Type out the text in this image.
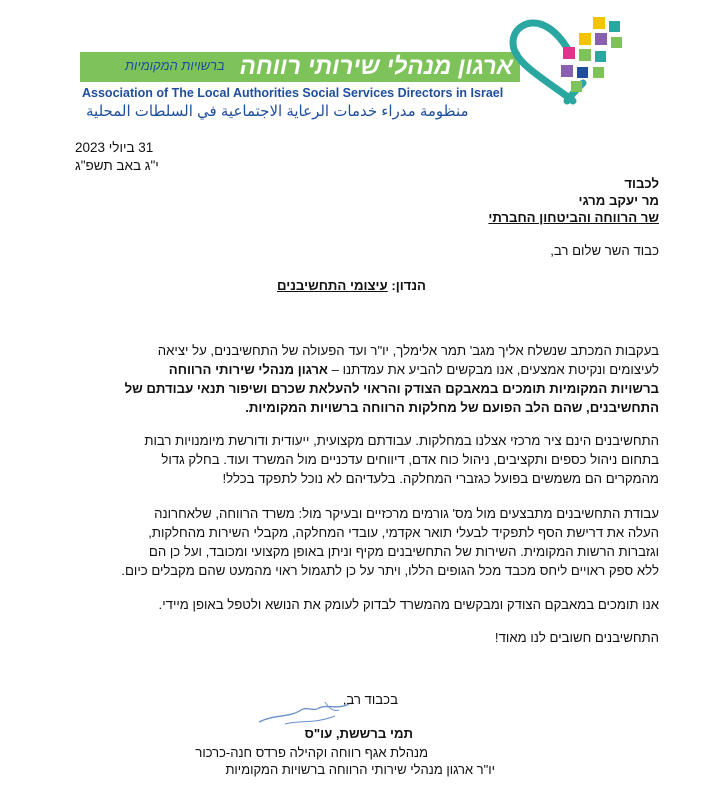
ארגון מנהלי שירותי רווחה
ברשויות המקומיות
Association of The Local Authorities Social Services Directors in Israel
منظومة مدراء خدمات الرعاية الاجتماعية في السلطات المحلية
31 ביולי 2023
י"ג באב תשפ"ג
לכבוד
מר יעקב מרגי
שר הרווחה והביטחון החברתי
כבוד השר שלום רב,
הנדון: עיצומי התחשיבנים
בעקבות המכתב שנשלח אליך מגב' תמר אלימלך, יו"ר ועד הפעולה של התחשיבנים, על יציאה
לעיצומים ונקיטת אמצעים, אנו מבקשים להביע את עמדתנו – ארגון מנהלי שירותי הרווחה
ברשויות המקומיות תומכים במאבקם הצודק והראוי להעלאת שכרם ושיפור תנאי עבודתם של
התחשיבנים, שהם הלב הפועם של מחלקות הרווחה ברשויות המקומיות.
התחשיבנים הינם ציר מרכזי אצלנו במחלקות. עבודתם מקצועית, ייעודית ודורשת מיומנויות רבות
בתחום ניהול כספים ותקציבים, ניהול כוח אדם, דיווחים עדכניים מול המשרד ועוד. בחלק גדול
מהמקרים הם משמשים בפועל כגזברי המחלקה. בלעדיהם לא נוכל לתפקד בכלל!
עבודת התחשיבנים מתבצעים מול מס' גורמים מרכזיים ובעיקר מול: משרד הרווחה, שלאחרונה
העלה את דרישת הסף לתפקיד לבעלי תואר אקדמי, עובדי המחלקה, מקבלי השירות מהחלקות,
וגזברות הרשות המקומית. השירות של התחשיבנים מקיף וניתן באופן מקצועי ומכובד, ועל כן הם
ללא ספק ראויים ליחס מכבד מכל הגופים הללו, ויתר על כן לתגמול ראוי מהמעט שהם מקבלים כיום.
אנו תומכים במאבקם הצודק ומבקשים מהמשרד לבדוק לעומק את הנושא ולטפל באופן מיידי.
התחשיבנים חשובים לנו מאוד!
בכבוד רב,
תמי ברששת, עו"ס
מנהלת אגף רווחה וקהילה פרדס חנה-כרכור
יו"ר ארגון מנהלי שירותי הרווחה ברשויות המקומיות
